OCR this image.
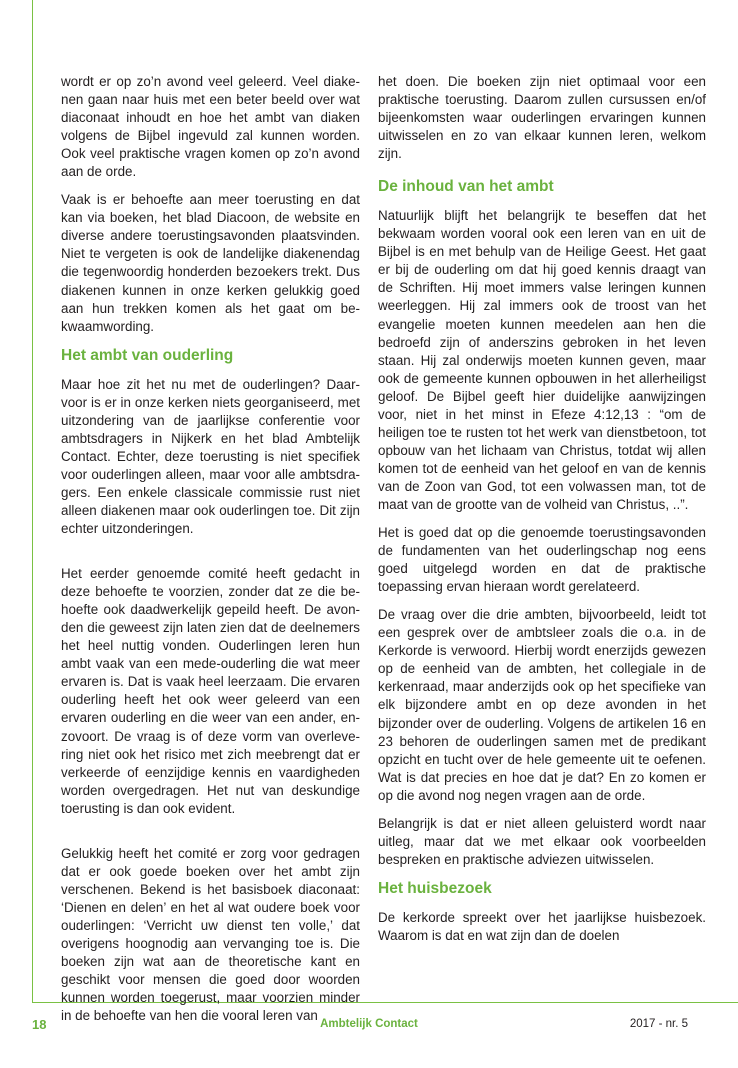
wordt er op zo’n avond veel geleerd. Veel diakenen gaan naar huis met een beter beeld over wat diaconaat inhoudt en hoe het ambt van diaken volgens de Bijbel ingevuld zal kunnen worden. Ook veel praktische vragen komen op zo’n avond aan de orde.

Vaak is er behoefte aan meer toerusting en dat kan via boeken, het blad Diacoon, de website en diverse andere toerustingsavonden plaatsvinden. Niet te vergeten is ook de landelijke diakenendag die tegenwoordig honderden bezoekers trekt. Dus diakenen kunnen in onze kerken gelukkig goed aan hun trekken komen als het gaat om bekwaamwording.

Het ambt van ouderling

Maar hoe zit het nu met de ouderlingen? Daarvoor is er in onze kerken niets georganiseerd, met uitzondering van de jaarlijkse conferentie voor ambtsdragers in Nijkerk en het blad Ambtelijk Contact. Echter, deze toerusting is niet specifiek voor ouderlingen alleen, maar voor alle ambtsdragers. Een enkele classicale commissie rust niet alleen diakenen maar ook ouderlingen toe. Dit zijn echter uitzonderingen.

Het eerder genoemde comité heeft gedacht in deze behoefte te voorzien, zonder dat ze die behoefte ook daadwerkelijk gepeild heeft. De avonden die geweest zijn laten zien dat de deelnemers het heel nuttig vonden. Ouderlingen leren hun ambt vaak van een mede-ouderling die wat meer ervaren is. Dat is vaak heel leerzaam. Die ervaren ouderling heeft het ook weer geleerd van een ervaren ouderling en die weer van een ander, enzovoort. De vraag is of deze vorm van overlevering niet ook het risico met zich meebrengt dat er verkeerde of eenzijdige kennis en vaardigheden worden overgedragen. Het nut van deskundige toerusting is dan ook evident.

Gelukkig heeft het comité er zorg voor gedragen dat er ook goede boeken over het ambt zijn verschenen. Bekend is het basisboek diaconaat: ‘Dienen en delen’ en het al wat oudere boek voor ouderlingen: ‘Verricht uw dienst ten volle,’ dat overigens hoognodig aan vervanging toe is. Die boeken zijn wat aan de theoretische kant en geschikt voor mensen die goed door woorden kunnen worden toegerust, maar voorzien minder in de behoefte van hen die vooral leren van

het doen. Die boeken zijn niet optimaal voor een praktische toerusting. Daarom zullen cursussen en/of bijeenkomsten waar ouderlingen ervaringen kunnen uitwisselen en zo van elkaar kunnen leren, welkom zijn.

De inhoud van het ambt

Natuurlijk blijft het belangrijk te beseffen dat het bekwaam worden vooral ook een leren van en uit de Bijbel is en met behulp van de Heilige Geest. Het gaat er bij de ouderling om dat hij goed kennis draagt van de Schriften. Hij moet immers valse leringen kunnen weerleggen. Hij zal immers ook de troost van het evangelie moeten kunnen meedelen aan hen die bedroefd zijn of anderszins gebroken in het leven staan. Hij zal onderwijs moeten kunnen geven, maar ook de gemeente kunnen opbouwen in het allerheiligst geloof. De Bijbel geeft hier duidelijke aanwijzingen voor, niet in het minst in Efeze 4:12,13 : “om de heiligen toe te rusten tot het werk van dienstbetoon, tot opbouw van het lichaam van Christus, totdat wij allen komen tot de eenheid van het geloof en van de kennis van de Zoon van God, tot een volwassen man, tot de maat van de grootte van de volheid van Christus, ..”.

Het is goed dat op die genoemde toerustingsavonden de fundamenten van het ouderlingschap nog eens goed uitgelegd worden en dat de praktische toepassing ervan hieraan wordt gerelateerd.

De vraag over die drie ambten, bijvoorbeeld, leidt tot een gesprek over de ambtsleer zoals die o.a. in de Kerkorde is verwoord. Hierbij wordt enerzijds gewezen op de eenheid van de ambten, het collegiale in de kerkenraad, maar anderzijds ook op het specifieke van elk bijzondere ambt en op deze avonden in het bijzonder over de ouderling. Volgens de artikelen 16 en 23 behoren de ouderlingen samen met de predikant opzicht en tucht over de hele gemeente uit te oefenen. Wat is dat precies en hoe dat je dat? En zo komen er op die avond nog negen vragen aan de orde.

Belangrijk is dat er niet alleen geluisterd wordt naar uitleg, maar dat we met elkaar ook voorbeelden bespreken en praktische adviezen uitwisselen.

Het huisbezoek

De kerkorde spreekt over het jaarlijkse huisbezoek. Waarom is dat en wat zijn dan de doelen

18	Ambtelijk Contact	2017 - nr. 5
